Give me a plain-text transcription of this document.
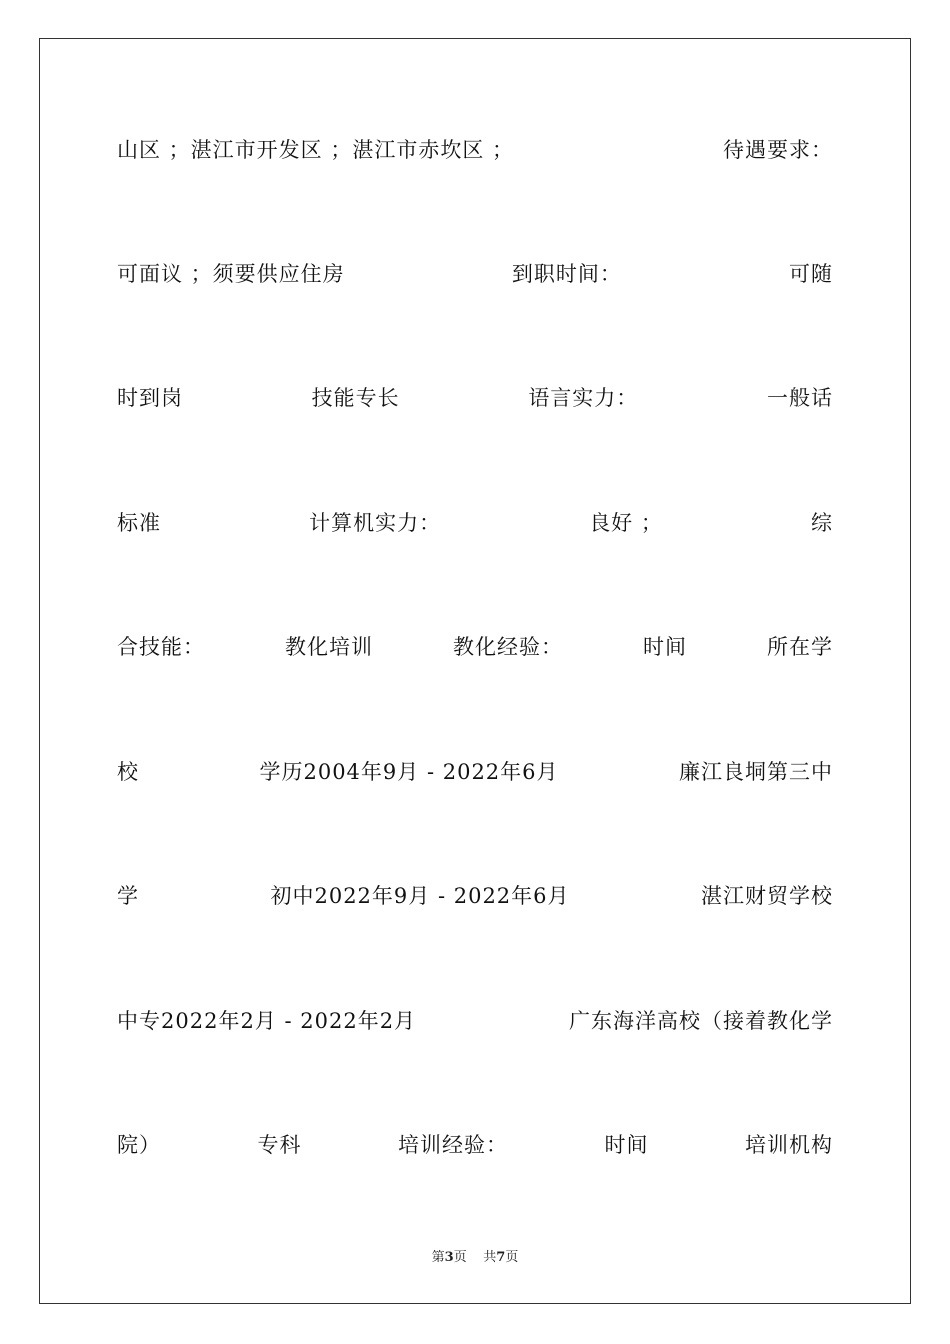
山区 ；湛江市开发区 ；湛江市赤坎区 ；	待遇要求：
可面议 ；须要供应住房	到职时间：	可随
时到岗	技能专长	语言实力：	一般话
标准	计算机实力：	良好 ；	综
合技能：	教化培训	教化经验：	时间	所在学
校	学历2004年9月 - 2022年6月	廉江良垌第三中
学	初中2022年9月 - 2022年6月	湛江财贸学校
中专2022年2月 - 2022年2月	广东海洋高校（接着教化学
院）	专科	培训经验：	时间	培训机构
第3页 共7页
